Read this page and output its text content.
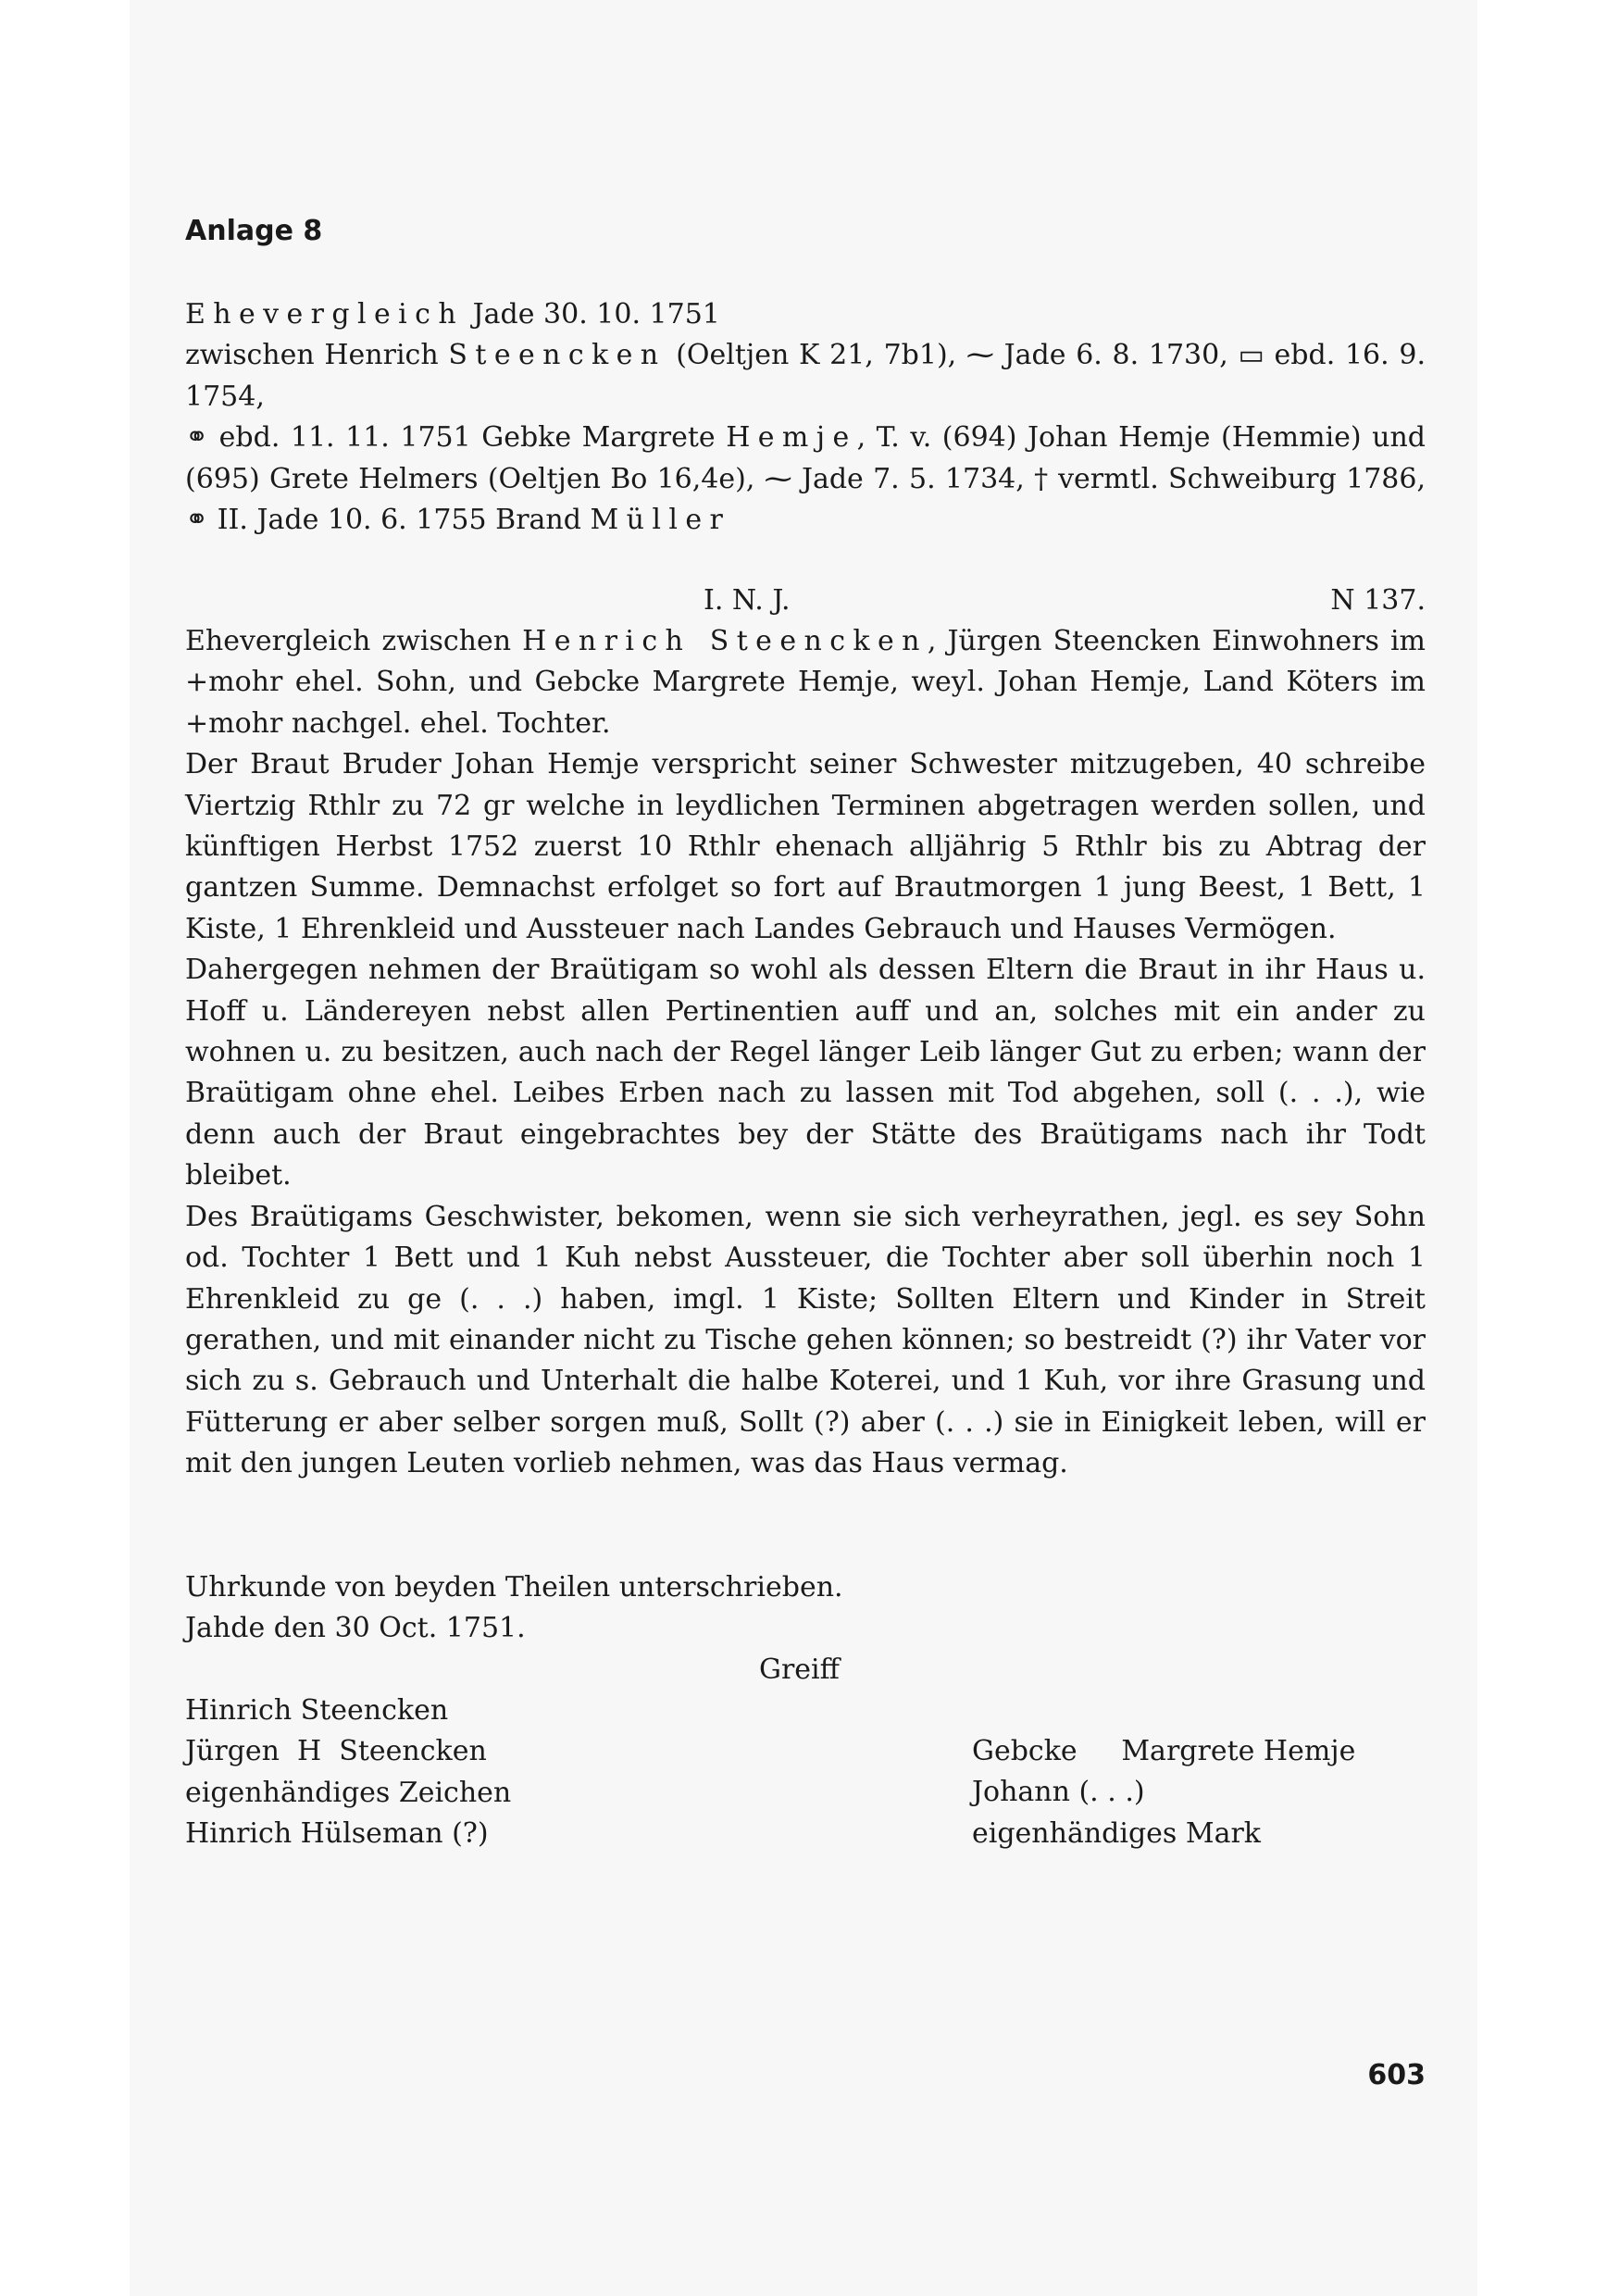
Anlage 8
Ehevergleich Jade 30. 10. 1751
zwischen Henrich Steencken (Oeltjen K 21, 7b1), ⁓ Jade 6. 8. 1730, ▭ ebd. 16. 9. 1754,
⚭ ebd. 11. 11. 1751 Gebke Margrete Hemje, T. v. (694) Johan Hemje (Hemmie) und (695) Grete Helmers (Oeltjen Bo 16,4e), ⁓ Jade 7. 5. 1734, † vermtl. Schweiburg 1786, ⚭ II. Jade 10. 6. 1755 Brand Müller
I. N. J.	N 137.

Ehevergleich zwischen Henrich Steencken, Jürgen Steencken Einwohners im +mohr ehel. Sohn, und Gebcke Margrete Hemje, weyl. Johan Hemje, Land Köters im +mohr nachgel. ehel. Tochter.

Der Braut Bruder Johan Hemje verspricht seiner Schwester mitzugeben, 40 schreibe Viertzig Rthlr zu 72 gr welche in leydlichen Terminen abgetragen werden sollen, und künftigen Herbst 1752 zuerst 10 Rthlr ehenach alljährig 5 Rthlr bis zu Abtrag der gantzen Summe. Demnachst erfolget so fort auf Brautmorgen 1 jung Beest, 1 Bett, 1 Kiste, 1 Ehrenkleid und Aussteuer nach Landes Gebrauch und Hauses Vermögen.

Dahergegen nehmen der Braütigam so wohl als dessen Eltern die Braut in ihr Haus u. Hoff u. Ländereyen nebst allen Pertinentien auff und an, solches mit ein ander zu wohnen u. zu besitzen, auch nach der Regel länger Leib länger Gut zu erben; wann der Braütigam ohne ehel. Leibes Erben nach zu lassen mit Tod abgehen, soll (. . .), wie denn auch der Braut eingebrachtes bey der Stätte des Braütigams nach ihr Todt bleibet.

Des Braütigams Geschwister, bekomen, wenn sie sich verheyrathen, jegl. es sey Sohn od. Tochter 1 Bett und 1 Kuh nebst Aussteuer, die Tochter aber soll überhin noch 1 Ehrenkleid zu ge (. . .) haben, imgl. 1 Kiste; Sollten Eltern und Kinder in Streit gerathen, und mit einander nicht zu Tische gehen können; so bestreidt (?) ihr Vater vor sich zu s. Gebrauch und Unterhalt die halbe Koterei, und 1 Kuh, vor ihre Grasung und Fütterung er aber selber sorgen muß, Sollt (?) aber (. . .) sie in Einigkeit leben, will er mit den jungen Leuten vorlieb nehmen, was das Haus vermag.

Uhrkunde von beyden Theilen unterschrieben.

Jahde den 30 Oct. 1751.

Greiff

Hinrich Steencken

Jürgen  H  Steencken

eigenhändiges Zeichen

Hinrich Hülseman (?)

Gebcke     Margrete Hemje

Johann (. . .)

eigenhändiges Mark

603
